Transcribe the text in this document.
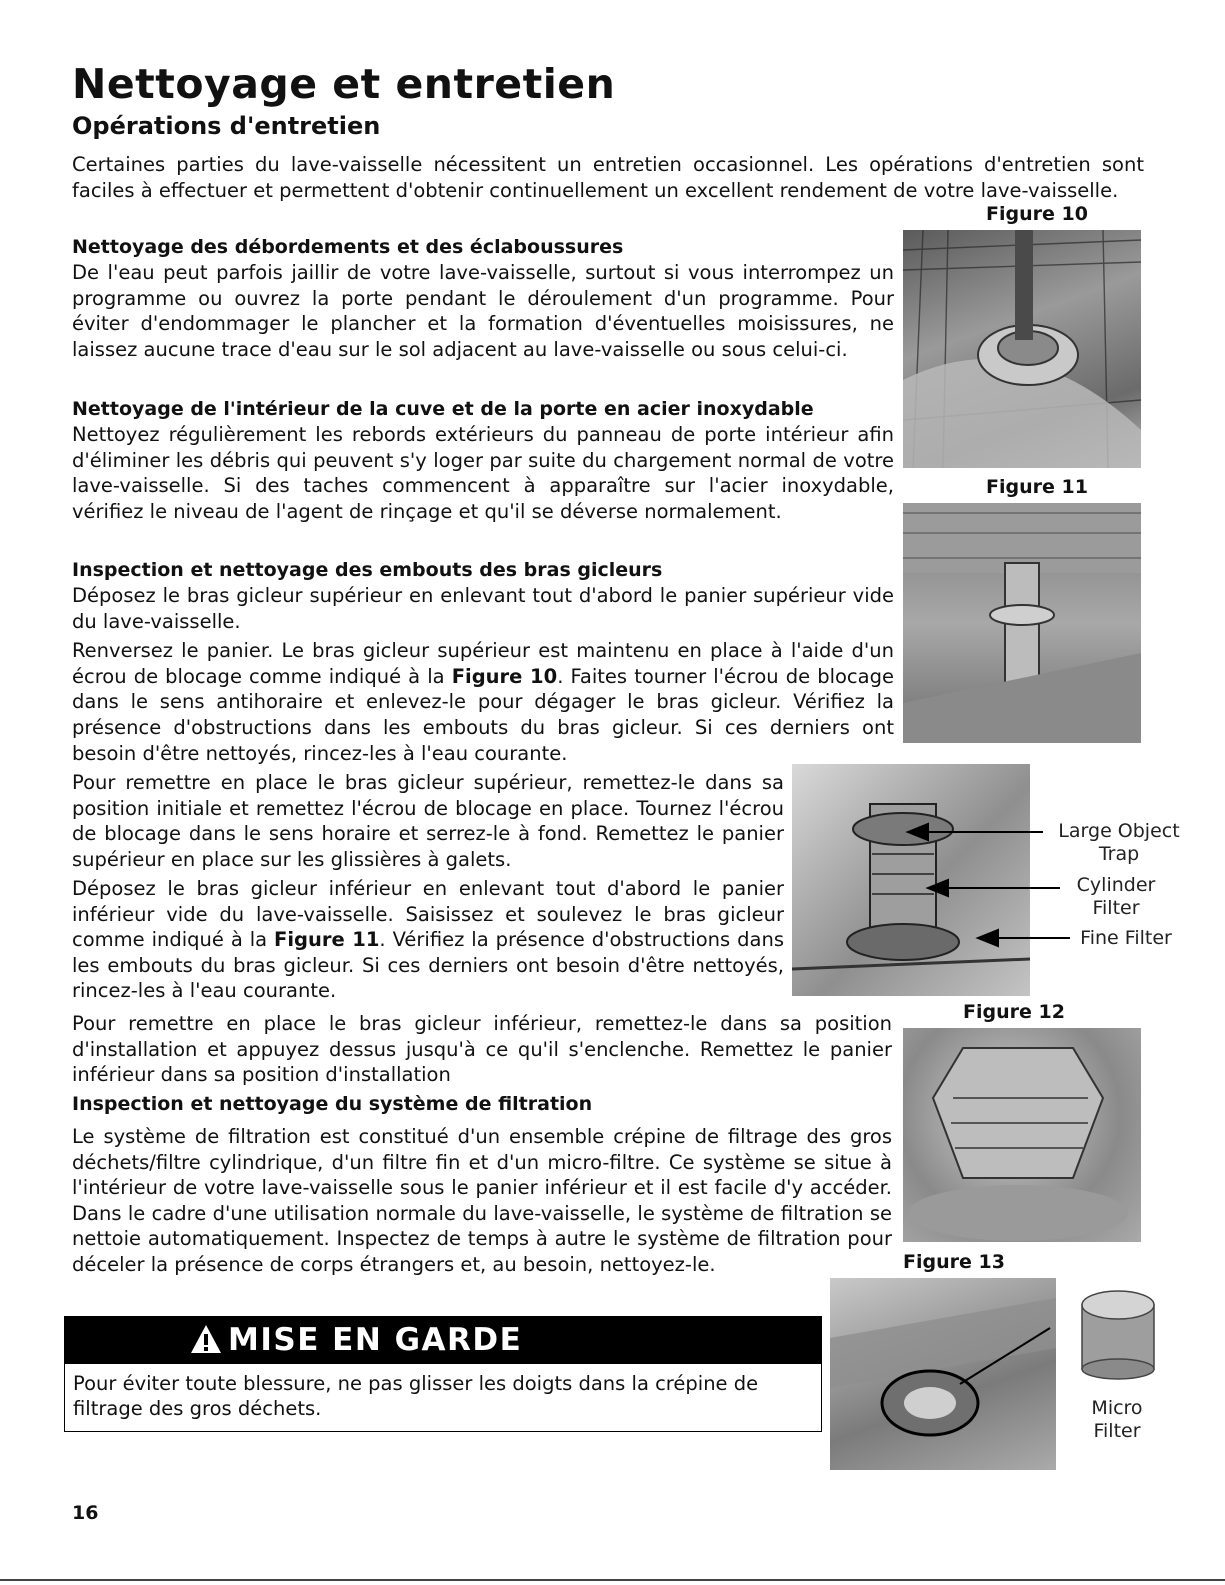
Nettoyage et entretien
Opérations d'entretien

Certaines parties du lave-vaisselle nécessitent un entretien occasionnel. Les opérations d'entretien sont faciles à effectuer et permettent d'obtenir continuellement un excellent rendement de votre lave-vaisselle.

Nettoyage des débordements et des éclaboussures

De l'eau peut parfois jaillir de votre lave-vaisselle, surtout si vous interrompez un programme ou ouvrez la porte pendant le déroulement d'un programme. Pour éviter d'endommager le plancher et la formation d'éventuelles moisissures, ne laissez aucune trace d'eau sur le sol adjacent au lave-vaisselle ou sous celui-ci.

Nettoyage de l'intérieur de la cuve et de la porte en acier inoxydable

Nettoyez régulièrement les rebords extérieurs du panneau de porte intérieur afin d'éliminer les débris qui peuvent s'y loger par suite du chargement normal de votre lave-vaisselle. Si des taches commencent à apparaître sur l'acier inoxydable, vérifiez le niveau de l'agent de rinçage et qu'il se déverse normalement.

Inspection et nettoyage des embouts des bras gicleurs

Déposez le bras gicleur supérieur en enlevant tout d'abord le panier supérieur vide du lave-vaisselle.

Renversez le panier. Le bras gicleur supérieur est maintenu en place à l'aide d'un écrou de blocage comme indiqué à la Figure 10. Faites tourner l'écrou de blocage dans le sens antihoraire et enlevez-le pour dégager le bras gicleur. Vérifiez la présence d'obstructions dans les embouts du bras gicleur. Si ces derniers ont besoin d'être nettoyés, rincez-les à l'eau courante.

Pour remettre en place le bras gicleur supérieur, remettez-le dans sa position initiale et remettez l'écrou de blocage en place. Tournez l'écrou de blocage dans le sens horaire et serrez-le à fond. Remettez le panier supérieur en place sur les glissières à galets.

Déposez le bras gicleur inférieur en enlevant tout d'abord le panier inférieur vide du lave-vaisselle. Saisissez et soulevez le bras gicleur comme indiqué à la Figure 11. Vérifiez la présence d'obstructions dans les embouts du bras gicleur. Si ces derniers ont besoin d'être nettoyés, rincez-les à l'eau courante.

Pour remettre en place le bras gicleur inférieur, remettez-le dans sa position d'installation et appuyez dessus jusqu'à ce qu'il s'enclenche. Remettez le panier inférieur dans sa position d'installation

Inspection et nettoyage du système de filtration

Le système de filtration est constitué d'un ensemble crépine de filtrage des gros déchets/filtre cylindrique, d'un filtre fin et d'un micro-filtre. Ce système se situe à l'intérieur de votre lave-vaisselle sous le panier inférieur et il est facile d'y accéder. Dans le cadre d'une utilisation normale du lave-vaisselle, le système de filtration se nettoie automatiquement. Inspectez de temps à autre le système de filtration pour déceler la présence de corps étrangers et, au besoin, nettoyez-le.

MISE EN GARDE

Pour éviter toute blessure, ne pas glisser les doigts dans la crépine de filtrage des gros déchets.

Figure 10
Figure 11
Large Object Trap
Cylinder Filter
Fine Filter
Figure 12
Figure 13
Micro Filter
16
